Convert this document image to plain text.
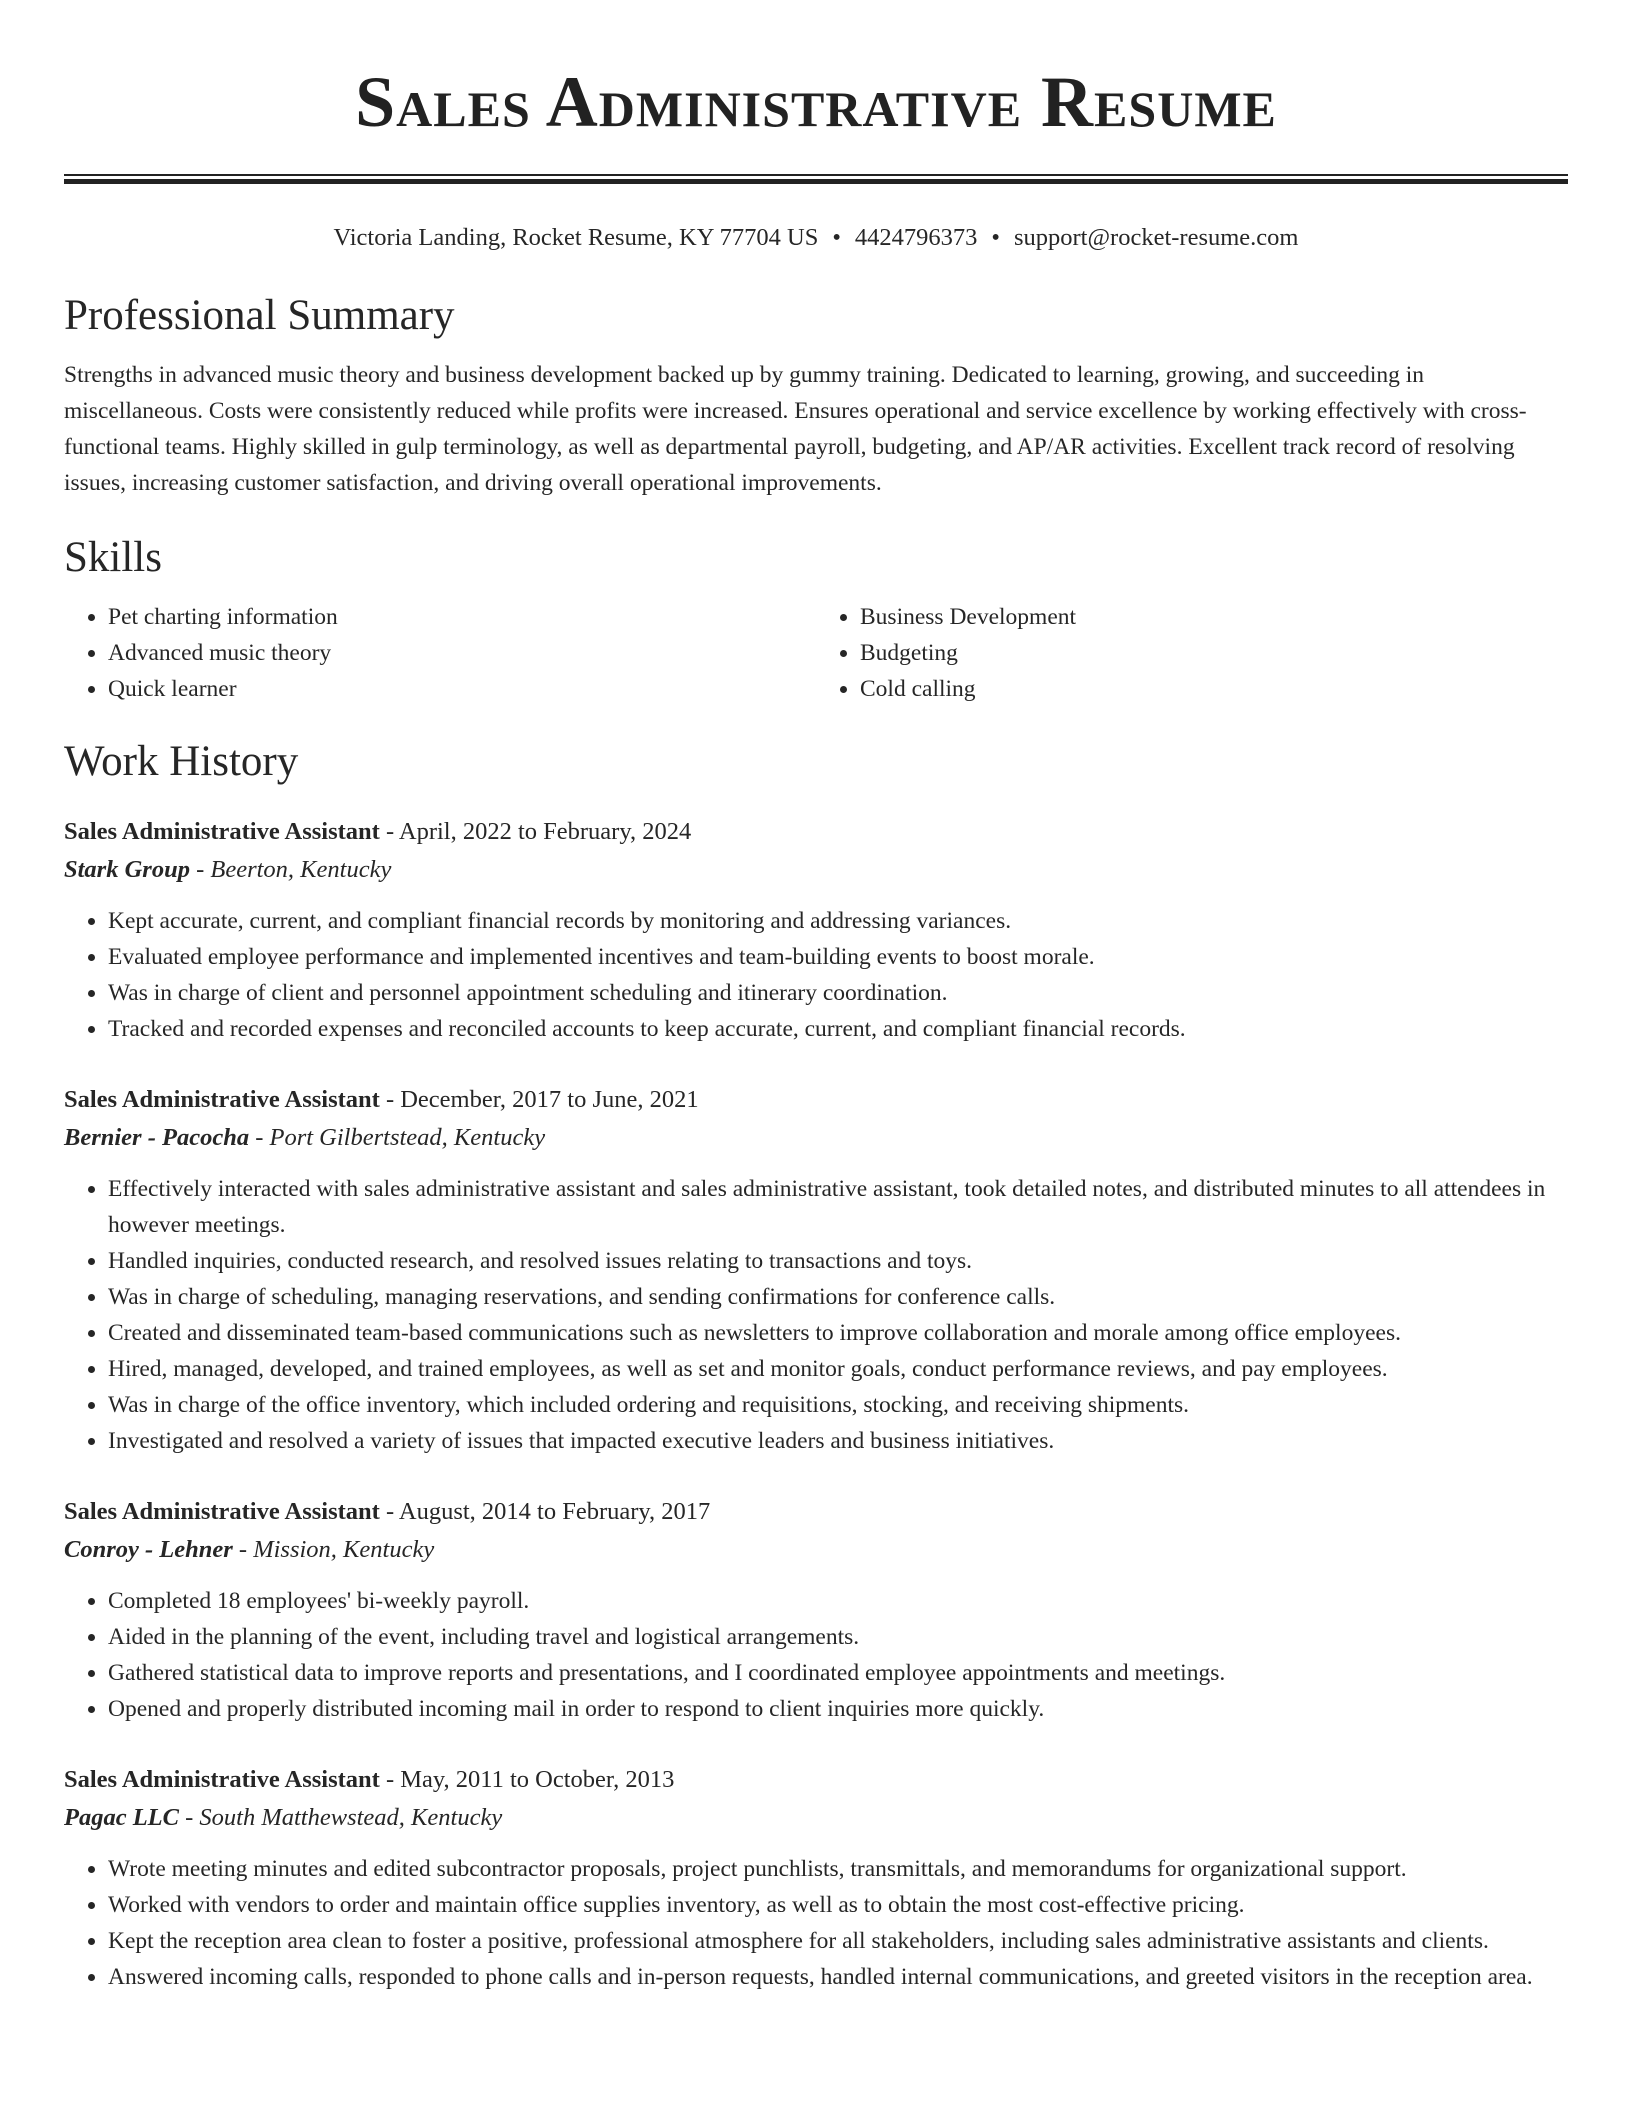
Sales Administrative Resume
Victoria Landing, Rocket Resume, KY 77704 US • 4424796373 • support@rocket-resume.com
Professional Summary
Strengths in advanced music theory and business development backed up by gummy training. Dedicated to learning, growing, and succeeding in miscellaneous. Costs were consistently reduced while profits were increased. Ensures operational and service excellence by working effectively with cross-functional teams. Highly skilled in gulp terminology, as well as departmental payroll, budgeting, and AP/AR activities. Excellent track record of resolving issues, increasing customer satisfaction, and driving overall operational improvements.
Skills
• Pet charting information
• Advanced music theory
• Quick learner
• Business Development
• Budgeting
• Cold calling
Work History
Sales Administrative Assistant - April, 2022 to February, 2024
Stark Group - Beerton, Kentucky
• Kept accurate, current, and compliant financial records by monitoring and addressing variances.
• Evaluated employee performance and implemented incentives and team-building events to boost morale.
• Was in charge of client and personnel appointment scheduling and itinerary coordination.
• Tracked and recorded expenses and reconciled accounts to keep accurate, current, and compliant financial records.
Sales Administrative Assistant - December, 2017 to June, 2021
Bernier - Pacocha - Port Gilbertstead, Kentucky
• Effectively interacted with sales administrative assistant and sales administrative assistant, took detailed notes, and distributed minutes to all attendees in however meetings.
• Handled inquiries, conducted research, and resolved issues relating to transactions and toys.
• Was in charge of scheduling, managing reservations, and sending confirmations for conference calls.
• Created and disseminated team-based communications such as newsletters to improve collaboration and morale among office employees.
• Hired, managed, developed, and trained employees, as well as set and monitor goals, conduct performance reviews, and pay employees.
• Was in charge of the office inventory, which included ordering and requisitions, stocking, and receiving shipments.
• Investigated and resolved a variety of issues that impacted executive leaders and business initiatives.
Sales Administrative Assistant - August, 2014 to February, 2017
Conroy - Lehner - Mission, Kentucky
• Completed 18 employees' bi-weekly payroll.
• Aided in the planning of the event, including travel and logistical arrangements.
• Gathered statistical data to improve reports and presentations, and I coordinated employee appointments and meetings.
• Opened and properly distributed incoming mail in order to respond to client inquiries more quickly.
Sales Administrative Assistant - May, 2011 to October, 2013
Pagac LLC - South Matthewstead, Kentucky
• Wrote meeting minutes and edited subcontractor proposals, project punchlists, transmittals, and memorandums for organizational support.
• Worked with vendors to order and maintain office supplies inventory, as well as to obtain the most cost-effective pricing.
• Kept the reception area clean to foster a positive, professional atmosphere for all stakeholders, including sales administrative assistants and clients.
• Answered incoming calls, responded to phone calls and in-person requests, handled internal communications, and greeted visitors in the reception area.
